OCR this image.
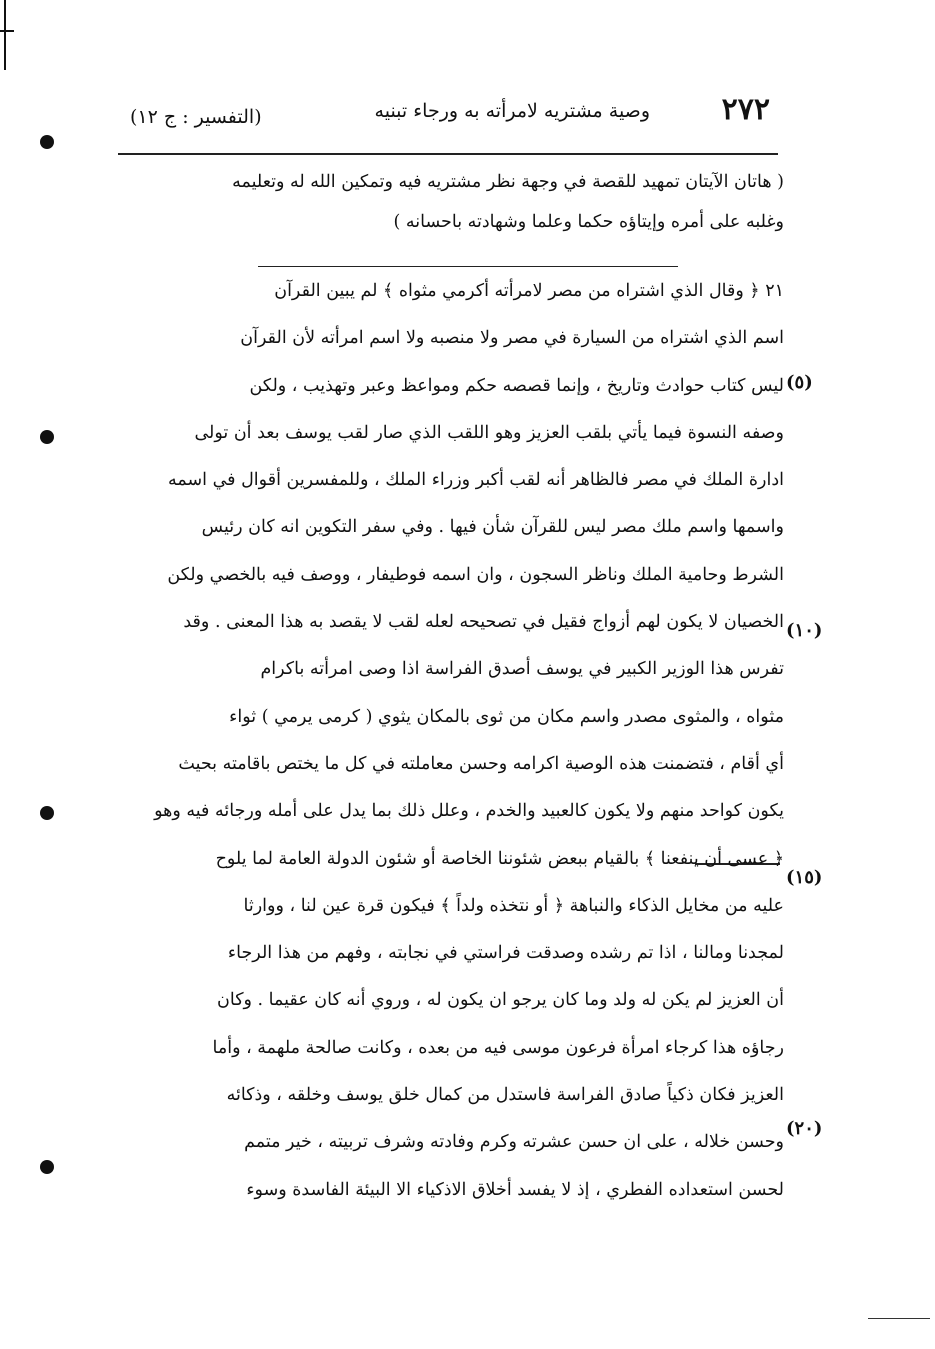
٢٧٢
وصية مشتريه لامرأته به ورجاء تبنيه
(التفسير : ج ١٢)
( هاتان الآيتان تمهيد للقصة في وجهة نظر مشتريه فيه وتمكين الله له وتعليمه
وغلبه على أمره وإيتاؤه حكما وعلما وشهادته باحسانه )
٢١ ﴿ وقال الذي اشتراه من مصر لامرأته أكرمي مثواه ﴾ لم يبين القرآن
اسم الذي اشتراه من السيارة في مصر ولا منصبه ولا اسم امرأته لأن القرآن
ليس كتاب حوادث وتاريخ ، وإنما قصصه حكم ومواعظ وعبر وتهذيب ، ولكن
وصفه النسوة فيما يأتي بلقب العزيز وهو اللقب الذي صار لقب يوسف بعد أن تولى
ادارة الملك في مصر فالظاهر أنه لقب أكبر وزراء الملك ، وللمفسرين أقوال في اسمه
واسمها واسم ملك مصر ليس للقرآن شأن فيها . وفي سفر التكوين انه كان رئيس
الشرط وحامية الملك وناظر السجون ، وان اسمه فوطيفار ، ووصف فيه بالخصي ولكن
الخصيان لا يكون لهم أزواج فقيل في تصحيحه لعله لقب لا يقصد به هذا المعنى . وقد
تفرس هذا الوزير الكبير في يوسف أصدق الفراسة اذا وصى امرأته باكرام
مثواه ، والمثوى مصدر واسم مكان من ثوى بالمكان يثوي ( كرمى يرمي ) ثواء
أي أقام ، فتضمنت هذه الوصية اكرامه وحسن معاملته في كل ما يختص باقامته بحيث
يكون كواحد منهم ولا يكون كالعبيد والخدم ، وعلل ذلك بما يدل على أمله ورجائه فيه وهو
﴿ عسى أن ينفعنا ﴾ بالقيام ببعض شئوننا الخاصة أو شئون الدولة العامة لما يلوح
عليه من مخايل الذكاء والنباهة ﴿ أو نتخذه ولداً ﴾ فيكون قرة عين لنا ، ووارثا
لمجدنا ومالنا ، اذا تم رشده وصدقت فراستي في نجابته ، وفهم من هذا الرجاء
أن العزيز لم يكن له ولد وما كان يرجو ان يكون له ، وروي أنه كان عقيما . وكان
رجاؤه هذا كرجاء امرأة فرعون موسى فيه من بعده ، وكانت صالحة ملهمة ، وأما
العزيز فكان ذكياً صادق الفراسة فاستدل من كمال خلق يوسف وخلقه ، وذكائه
وحسن خلاله ، على ان حسن عشرته وكرم وفادته وشرف تربيته ، خير متمم
لحسن استعداده الفطري ، إذ لا يفسد أخلاق الاذكياء الا البيئة الفاسدة وسوء
(٥)
(١٠)
(١٥)
(٢٠)
